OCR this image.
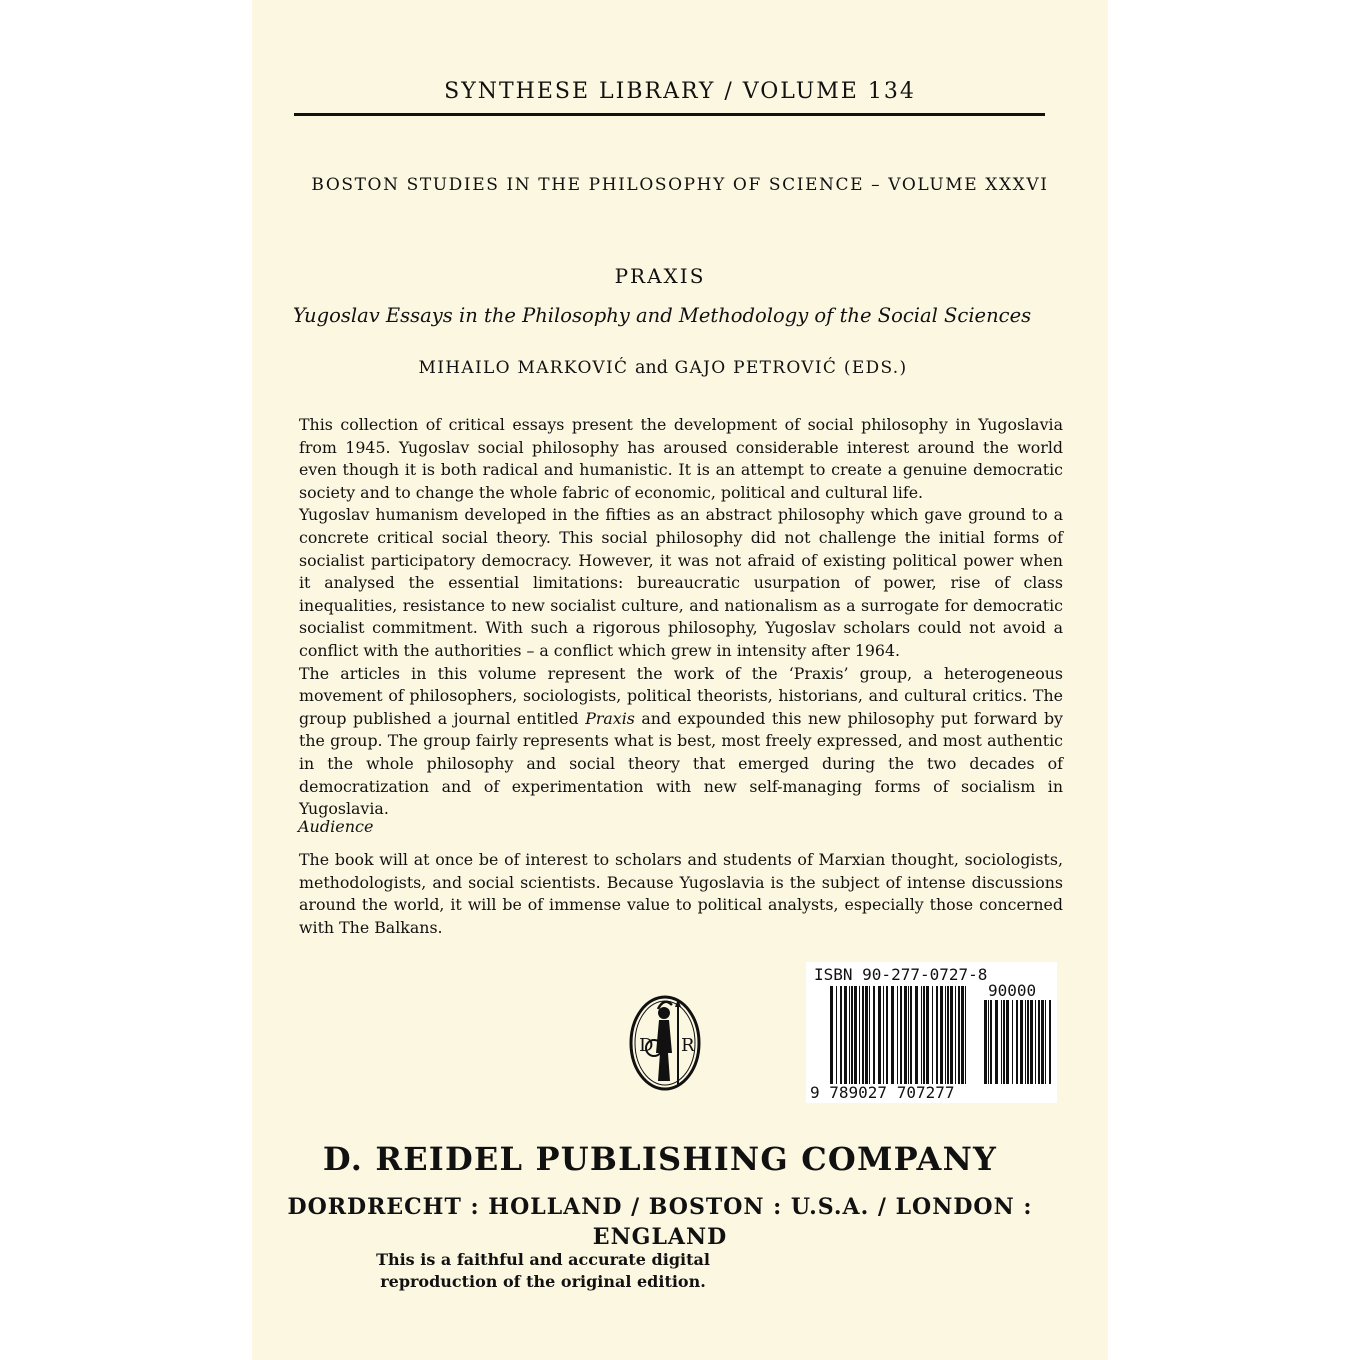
SYNTHESE LIBRARY / VOLUME 134
BOSTON STUDIES IN THE PHILOSOPHY OF SCIENCE – VOLUME XXXVI
PRAXIS
Yugoslav Essays in the Philosophy and Methodology of the Social Sciences
MIHAILO MARKOVIĆ and GAJO PETROVIĆ (EDS.)

This collection of critical essays present the development of social philosophy in Yugoslavia from 1945. Yugoslav social philosophy has aroused considerable interest around the world even though it is both radical and humanistic. It is an attempt to create a genuine democratic society and to change the whole fabric of economic, political and cultural life.

Yugoslav humanism developed in the fifties as an abstract philosophy which gave ground to a concrete critical social theory. This social philosophy did not challenge the initial forms of socialist participatory democracy. However, it was not afraid of existing political power when it analysed the essential limitations: bureaucratic usurpation of power, rise of class inequalities, resistance to new socialist culture, and nationalism as a surrogate for democratic socialist commitment. With such a rigorous philosophy, Yugoslav scholars could not avoid a conflict with the authorities – a conflict which grew in intensity after 1964.

The articles in this volume represent the work of the ‘Praxis’ group, a heterogeneous movement of philosophers, sociologists, political theorists, historians, and cultural critics. The group published a journal entitled Praxis and expounded this new philosophy put forward by the group. The group fairly represents what is best, most freely expressed, and most authentic in the whole philosophy and social theory that emerged during the two decades of democratization and of experimentation with new self-managing forms of socialism in Yugoslavia.

Audience

The book will at once be of interest to scholars and students of Marxian thought, sociologists, methodologists, and social scientists. Because Yugoslavia is the subject of intense discussions around the world, it will be of immense value to political analysts, especially those concerned with The Balkans.

D R
ISBN 90-277-0727-8
90000
9 789027 707277
D. REIDEL PUBLISHING COMPANY
DORDRECHT : HOLLAND / BOSTON : U.S.A. / LONDON : ENGLAND
This is a faithful and accurate digital
reproduction of the original edition.
